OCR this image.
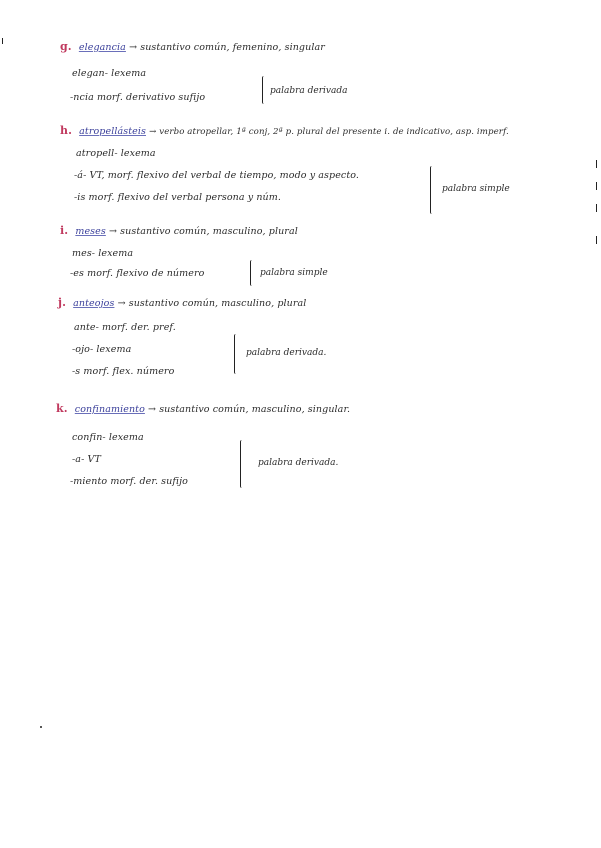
g. elegancia → sustantivo común, femenino, singular
elegan- lexema
-ncia morf. derivativo sufijo
palabra derivada
h. atropellásteis → verbo atropellar, 1ª conj, 2ª p. plural del presente i. de indicativo, asp. imperf.
atropell- lexema
-á- VT, morf. flexivo del verbal de tiempo, modo y aspecto.
-is morf. flexivo del verbal persona y núm.
palabra simple
i. meses → sustantivo común, masculino, plural
mes- lexema
-es morf. flexivo de número	palabra simple
j. anteojos → sustantivo común, masculino, plural
ante- morf. der. pref.
-ojo- lexema
-s morf. flex. número
palabra derivada.
k. confinamiento → sustantivo común, masculino, singular.
confin- lexema
-a- VT
-miento morf. der. sufijo
palabra derivada.
